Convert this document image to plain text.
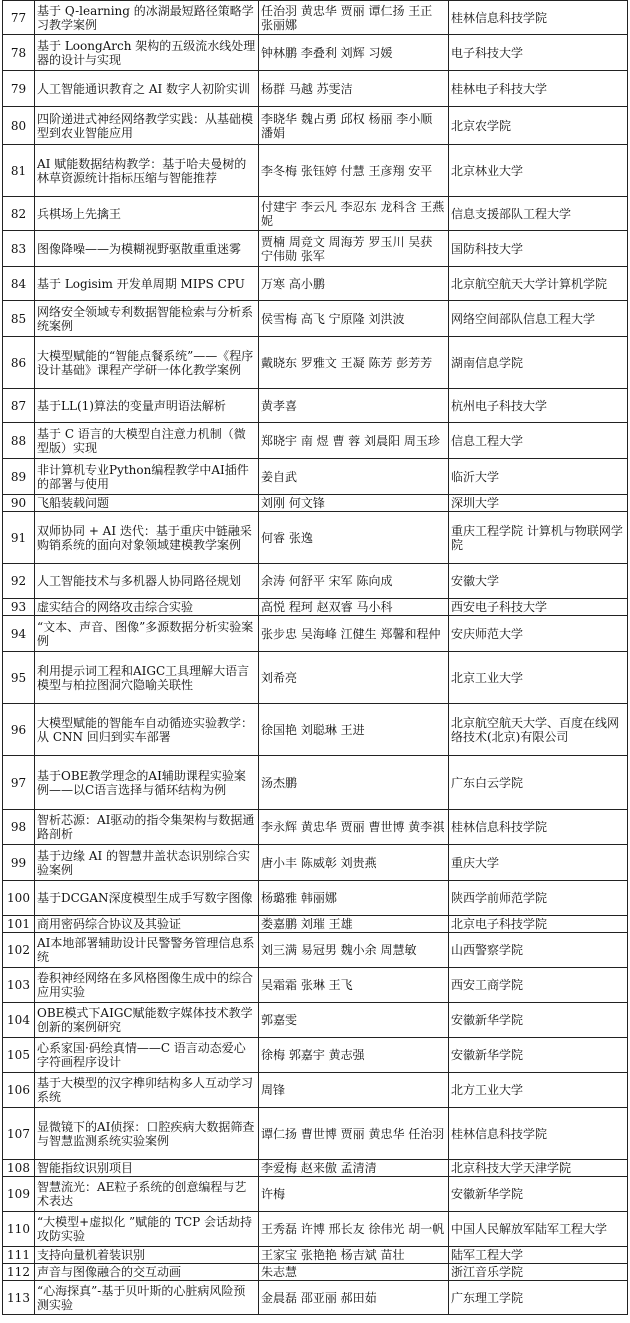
77	基于 Q-learning 的冰湖最短路径策略学习教学案例	任治羽 黄忠华 贾丽 谭仁扬 王正 张丽娜	桂林信息科技学院
78	基于 LoongArch 架构的五级流水线处理器的设计与实现	钟林鹏 李叠利 刘辉 习媛	电子科技大学
79	人工智能通识教育之 AI 数字人初阶实训	杨群 马越 苏雯洁	桂林电子科技大学
80	四阶递进式神经网络教学实践：从基础模型到农业智能应用	李晓华 魏占勇 邱权 杨丽 李小顺 潘娟	北京农学院
81	AI 赋能数据结构教学：基于哈夫曼树的林草资源统计指标压缩与智能推荐	李冬梅 张钰婷 付慧 王彦翔 安平	北京林业大学
82	兵棋场上先擒王	付建宇 李云凡 李忍东 龙科含 王燕妮	信息支援部队工程大学
83	图像降噪——为模糊视野驱散重重迷雾	贾楠 周竞文 周海芳 罗玉川 吴获 宁伟勋 张军	国防科技大学
84	基于 Logisim 开发单周期 MIPS CPU	万寒 高小鹏	北京航空航天大学计算机学院
85	网络安全领域专利数据智能检索与分析系统案例	侯雪梅 高飞 宁原隆 刘洪波	网络空间部队信息工程大学
86	大模型赋能的“智能点餐系统”——《程序设计基础》课程产学研一体化教学案例	戴晓东 罗雅文 王凝 陈芳 彭芳芳	湖南信息学院
87	基于LL(1)算法的变量声明语法解析	黄孝喜	杭州电子科技大学
88	基于 C 语言的大模型自注意力机制（微型版）实现	郑晓宇 南 煜 曹 蓉 刘晨阳 周玉珍	信息工程大学
89	非计算机专业Python编程教学中AI插件的部署与使用	姜自武	临沂大学
90	飞船装载问题	刘刚 何文锋	深圳大学
91	双师协同 + AI 迭代：基于重庆中链融采购销系统的面向对象领域建模教学案例	何睿 张逸	重庆工程学院 计算机与物联网学院
92	人工智能技术与多机器人协同路径规划	余涛 何舒平 宋军 陈向成	安徽大学
93	虚实结合的网络攻击综合实验	高悦 程珂 赵双睿 马小科	西安电子科技大学
94	“文本、声音、图像”多源数据分析实验案例	张步忠 吴海峰 江健生 郑馨和程仲	安庆师范大学
95	利用提示词工程和AIGC工具理解大语言模型与柏拉图洞穴隐喻关联性	刘希亮	北京工业大学
96	大模型赋能的智能车自动循迹实验教学：从 CNN 回归到实车部署	徐国艳 刘聪琳 王进	北京航空航天大学、百度在线网络技术(北京)有限公司
97	基于OBE教学理念的AI辅助课程实验案例——以C语言选择与循环结构为例	汤杰鹏	广东白云学院
98	智析芯源：AI驱动的指令集架构与数据通路剖析	李永辉 黄忠华 贾丽 曹世博 黄李祺	桂林信息科技学院
99	基于边缘 AI 的智慧井盖状态识别综合实验案例	唐小丰 陈威彰 刘贵燕	重庆大学
100	基于DCGAN深度模型生成手写数字图像	杨璐雅 韩丽娜	陕西学前师范学院
101	商用密码综合协议及其验证	娄嘉鹏 刘璀 王雄	北京电子科技学院
102	AI本地部署辅助设计民警警务管理信息系统	刘三满 易冠男 魏小余 周慧敏	山西警察学院
103	卷积神经网络在多风格图像生成中的综合应用实验	吴霜霜 张琳 王飞	西安工商学院
104	OBE模式下AIGC赋能数字媒体技术教学创新的案例研究	郭嘉雯	安徽新华学院
105	心系家国·码绘真情——C 语言动态爱心字符画程序设计	徐梅 郭嘉宇 黄志强	安徽新华学院
106	基于大模型的汉字榫卯结构多人互动学习系统	周锋	北方工业大学
107	显微镜下的AI侦探：口腔疾病大数据筛查与智慧监测系统实验案例	谭仁扬 曹世博 贾丽 黄忠华 任治羽	桂林信息科技学院
108	智能指纹识别项目	李爱梅 赵来傲 孟清清	北京科技大学天津学院
109	智慧流光：AE粒子系统的创意编程与艺术表达	许梅	安徽新华学院
110	“大模型+虚拟化 ”赋能的 TCP 会话劫持攻防实验	王秀磊 许博 邢长友 徐伟光 胡一帆	中国人民解放军陆军工程大学
111	支持向量机着装识别	王家宝 张艳艳 杨吉斌 苗壮	陆军工程大学
112	声音与图像融合的交互动画	朱志慧	浙江音乐学院
113	“心海探真”-基于贝叶斯的心脏病风险预测实验	金晨磊 邵亚丽 郝田茹	广东理工学院
